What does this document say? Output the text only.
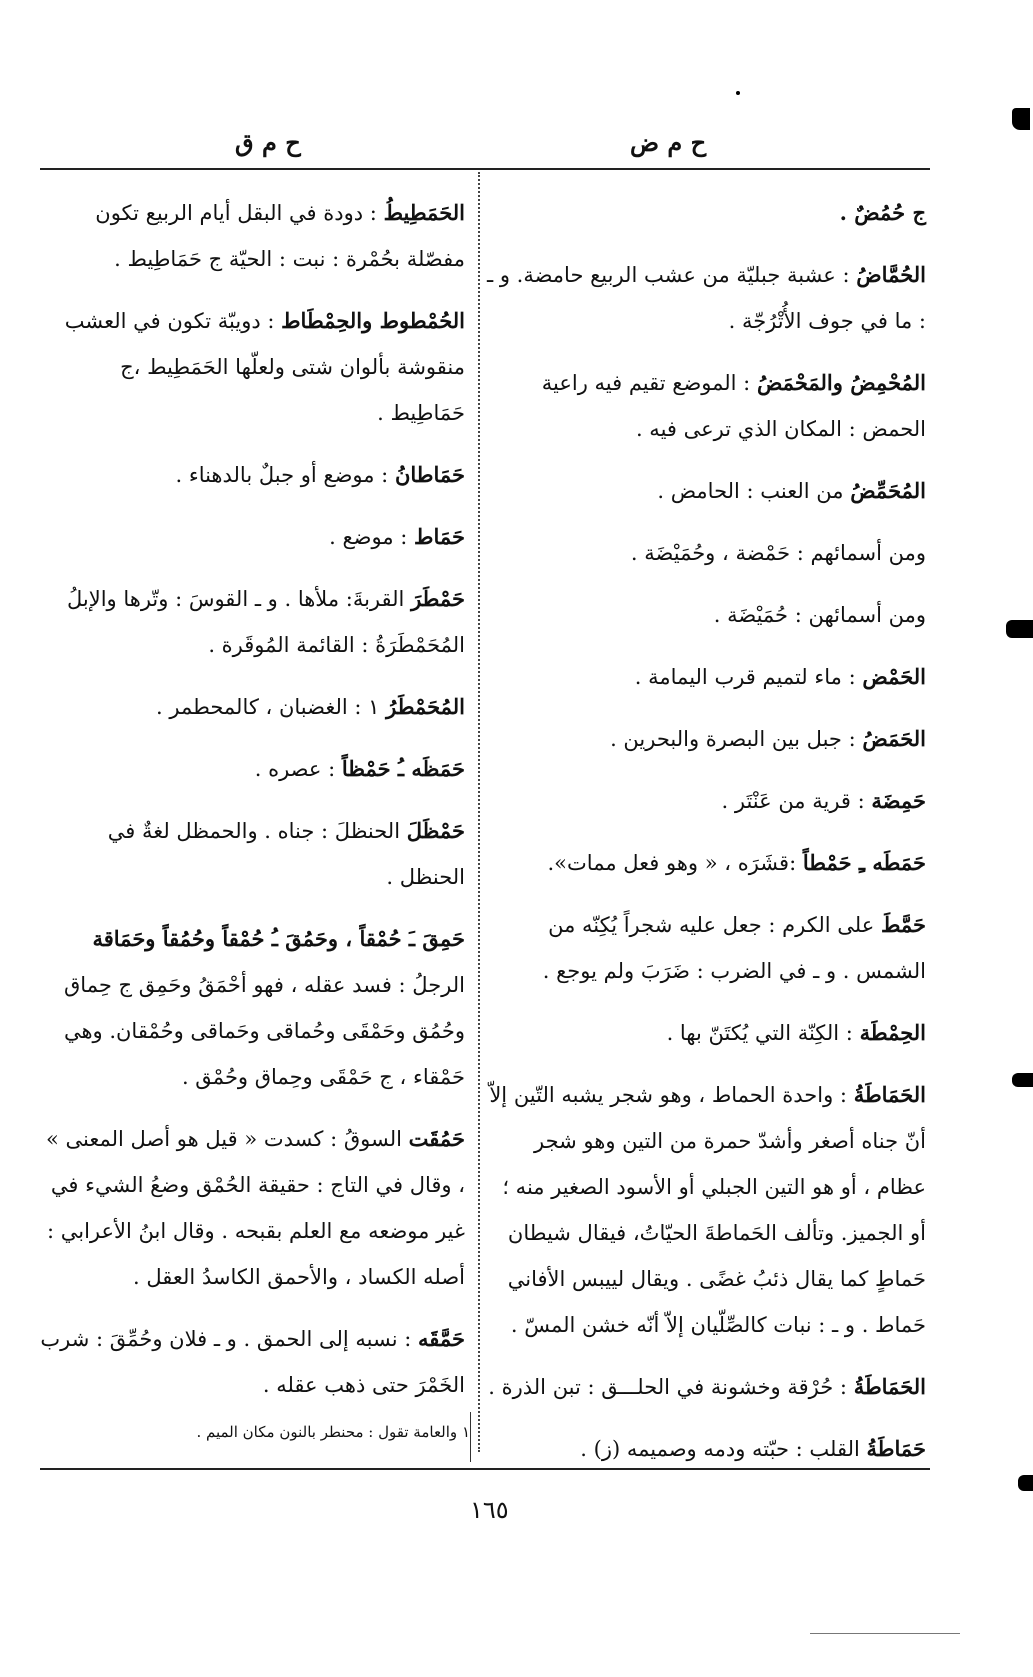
ح م ض
ح م ق
ج حُمُضٌ .
الحُمَّاضُ : عشبة جبليّة من عشب الربيع حامضة. و ـ : ما في جوف الأُتْرُجّة .
المُحْمِضُ والمَحْمَضُ : الموضع تقيم فيه راعية الحمض : المكان الذي ترعى فيه .
المُحَمِّضُ من العنب : الحامض .
ومن أسمائهم : حَمْضة ، وحُمَيْضَة .
ومن أسمائهن : حُمَيْضَة .
الحَمْض : ماء لتميم قرب اليمامة .
الحَمَضُ : جبل بين البصرة والبحرين .
حَمِضَة : قرية من عَنْتَر .
حَمَطَه ـِ حَمْطاً :قشَرَه ، « وهو فعل ممات».
حَمَّطَ على الكرم : جعل عليه شجراً يُكِنّه من الشمس . و ـ في الضرب : ضَرَبَ ولم يوجع .
الحِمْطَة : الكِنّة التي يُكتَنّ بها .
الحَمَاطَةُ : واحدة الحماط ، وهو شجر يشبه التّين إلاّ أنّ جناه أصغر وأشدّ حمرة من التين وهو شجر عظام ، أو هو التين الجبلي أو الأسود الصغير منه ؛ أو الجميز. وتألف الحَماطةَ الحيّاتُ، فيقال شيطان حَماطٍ كما يقال ذئبُ غضًى . ويقال لييبس الأفاني حَماط . و ـ : نبات كالصِّلّيان إلاّ أنّه خشن المسّ .
الحَمَاطَةُ : حُرْقة وخشونة في الحلـــق : تبن الذرة .
حَمَاطَةُ القلب : حبّته ودمه وصميمه (ز) .
الحَمَطِيطُ : دودة في البقل أيام الربيع تكون مفصّلة بحُمْرة : نبت : الحيّة ج حَمَاطِيط .
الحُمْطوط والحِمْطَاط : دويبّة تكون في العشب منقوشة بألوان شتى ولعلّها الحَمَطِيط ،ج حَمَاطِيط .
حَمَاطانُ : موضع أو جبلٌ بالدهناء .
حَمَاط : موضع .
حَمْطَرَ القربةَ: ملأها . و ـ القوسَ : وتّرها والإبلُ المُحَمْطَرَةُ : القائمة المُوقَرة .
المُحَمْطَرُ ١ : الغضبان ، كالمحطمر .
حَمَظَه ـُ حَمْظاً : عصره .
حَمْظَلَ الحنظلَ : جناه . والحمظل لغةٌ في الحنظل .
حَمِقَ ـَ حُمْقاً ، وحَمُقَ ـُ حُمْقاً وحُمُقاً وحَمَاقة الرجلُ : فسد عقله ، فهو أحْمَقُ وحَمِق ج حِماق وحُمُق وحَمْقَى وحُماقى وحَماقى وحُمْقان. وهي حَمْقاء ، ج حَمْقَى وحِماق وحُمْق .
حَمُقَت السوقُ : كسدت « قيل هو أصل المعنى » ، وقال في التاج : حقيقة الحُمْق وضعُ الشيء في غير موضعه مع العلم بقبحه . وقال ابنُ الأعرابي : أصله الكساد ، والأحمق الكاسدُ العقل .
حَمَّقَه : نسبه إلى الحمق . و ـ فلان وحُمِّقَ : شرب الخَمْرَ حتى ذهب عقله .
١ والعامة تقول : محنطر بالنون مكان الميم .
١٦٥
